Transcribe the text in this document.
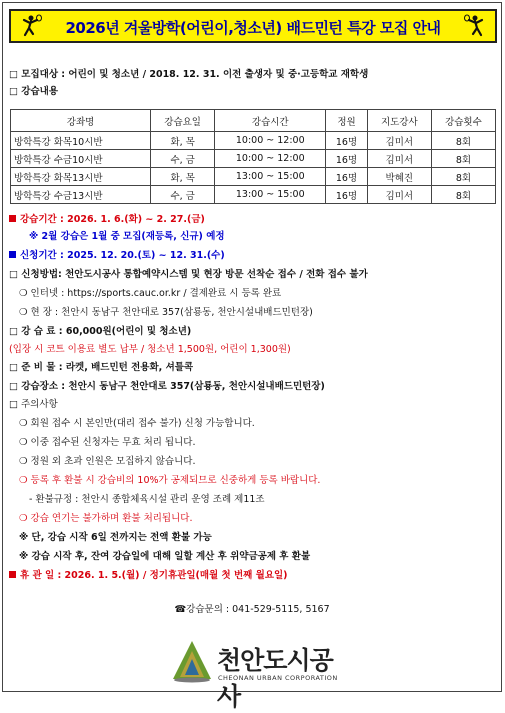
2026년 겨울방학(어린이,청소년) 배드민턴 특강 모집 안내
□ 모집대상 : 어린이 및 청소년 / 2018. 12. 31. 이전 출생자 및 중·고등학교 재학생
□ 강습내용
강좌명	강습요일	강습시간	정원	지도강사	강습횟수
방학특강 화목10시반	화, 목	10:00 ~ 12:00	16명	김미서	8회
방학특강 수금10시반	수, 금	10:00 ~ 12:00	16명	김미서	8회
방학특강 화목13시반	화, 목	13:00 ~ 15:00	16명	박혜진	8회
방학특강 수금13시반	수, 금	13:00 ~ 15:00	16명	김미서	8회
강습기간 : 2026. 1. 6.(화) ~ 2. 27.(금)
※ 2월 강습은 1월 중 모집(재등록, 신규) 예정
신청기간 : 2025. 12. 20.(토) ~ 12. 31.(수)
□ 신청방법: 천안도시공사 통합예약시스템 및 현장 방문 선착순 접수 / 전화 접수 불가
❍ 인터넷 : https://sports.cauc.or.kr / 결제완료 시 등록 완료
❍ 현 장 : 천안시 동남구 천안대로 357(삼룡동, 천안시설내배드민턴장)
□ 강 습 료 : 60,000원(어린이 및 청소년)
(입장 시 코트 이용료 별도 납부 / 청소년 1,500원, 어린이 1,300원)
□ 준 비 물 : 라켓, 배드민턴 전용화, 셔틀콕
□ 강습장소 : 천안시 동남구 천안대로 357(삼룡동, 천안시설내배드민턴장)
□ 주의사항
❍ 회원 접수 시 본인만(대리 접수 불가) 신청 가능합니다.
❍ 이중 접수된 신청자는 무효 처리 됩니다.
❍ 정원 외 초과 인원은 모집하지 않습니다.
❍ 등록 후 환불 시 강습비의 10%가 공제되므로 신중하게 등록 바랍니다.
- 환불규정 : 천안시 종합체육시설 관리 운영 조례 제11조
❍ 강습 연기는 불가하며 환불 처리됩니다.
※ 단, 강습 시작 6일 전까지는 전액 환불 가능
※ 강습 시작 후, 잔여 강습일에 대해 일할 계산 후 위약금공제 후 환불
휴 관 일 : 2026. 1. 5.(월) / 정기휴관일(매월 첫 번째 월요일)
☎강습문의 : 041-529-5115, 5167
천안도시공사
CHEONAN URBAN CORPORATION
